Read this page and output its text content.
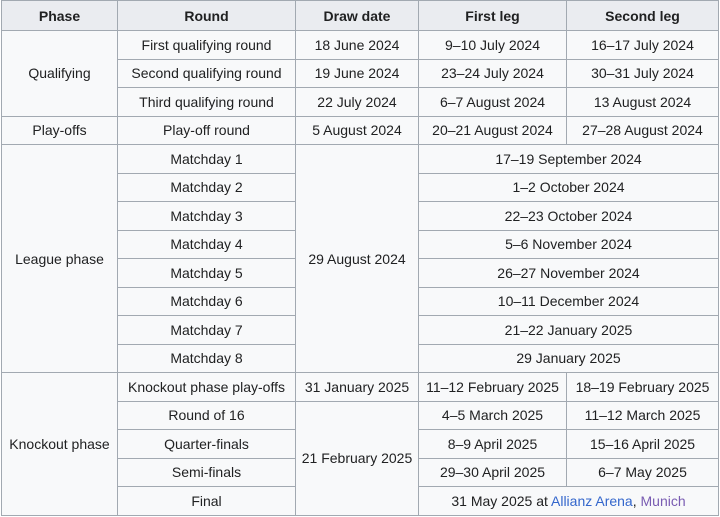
Phase	Round	Draw date	First leg	Second leg
Qualifying	First qualifying round	18 June 2024	9–10 July 2024	16–17 July 2024
	Second qualifying round	19 June 2024	23–24 July 2024	30–31 July 2024
	Third qualifying round	22 July 2024	6–7 August 2024	13 August 2024
Play-offs	Play-off round	5 August 2024	20–21 August 2024	27–28 August 2024
League phase	Matchday 1	29 August 2024	17–19 September 2024	
	Matchday 2		1–2 October 2024	
	Matchday 3		22–23 October 2024	
	Matchday 4		5–6 November 2024	
	Matchday 5		26–27 November 2024	
	Matchday 6		10–11 December 2024	
	Matchday 7		21–22 January 2025	
	Matchday 8		29 January 2025	
Knockout phase	Knockout phase play-offs	31 January 2025	11–12 February 2025	18–19 February 2025
	Round of 16	21 February 2025	4–5 March 2025	11–12 March 2025
	Quarter-finals		8–9 April 2025	15–16 April 2025
	Semi-finals		29–30 April 2025	6–7 May 2025
	Final		31 May 2025 at Allianz Arena, Munich	
